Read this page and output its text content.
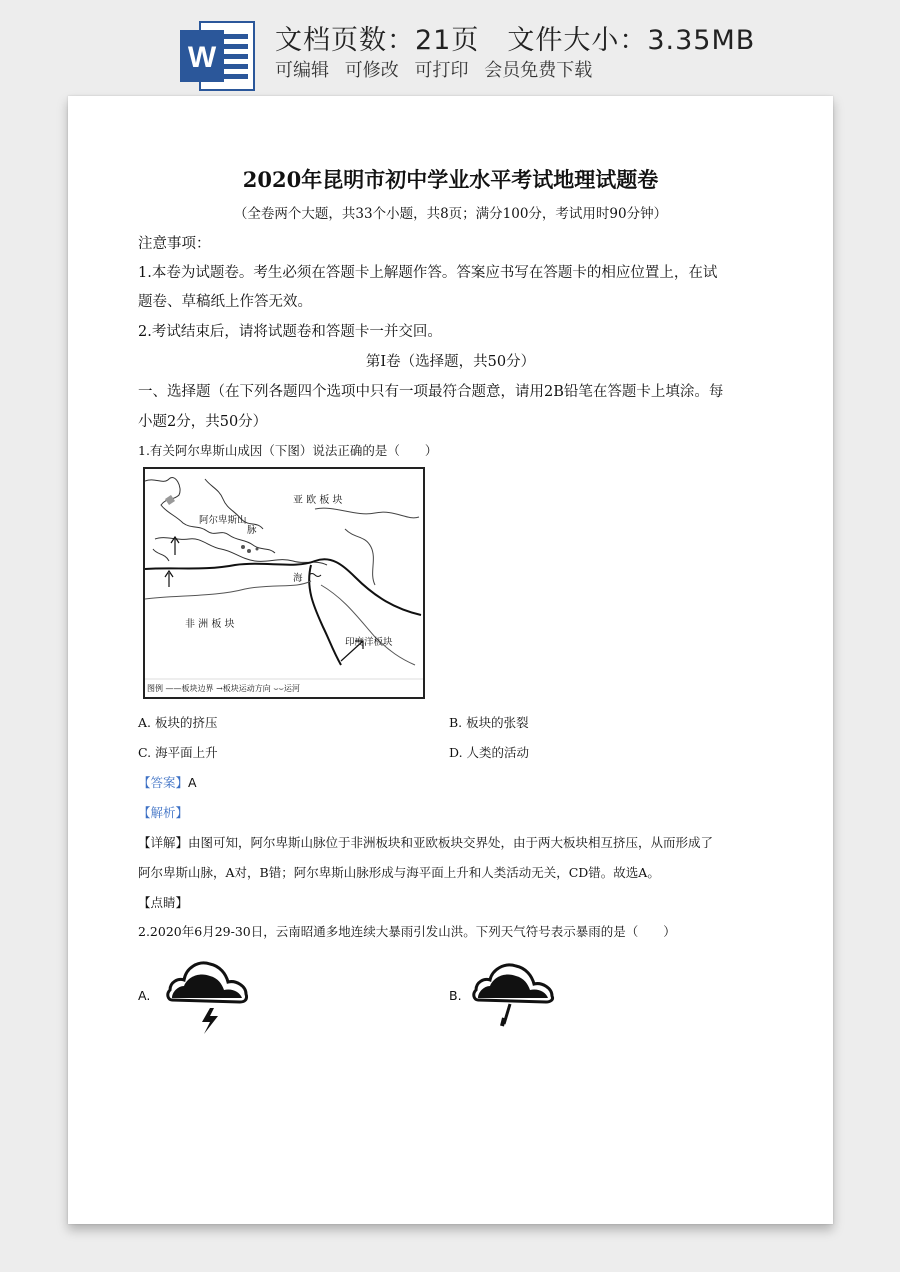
W
文档页数：21页 文件大小：3.35MB
可编辑 可修改 可打印 会员免费下载
2020年昆明市初中学业水平考试地理试题卷
（全卷两个大题，共33个小题，共8页；满分100分，考试用时90分钟）
注意事项：
1.本卷为试题卷。考生必须在答题卡上解题作答。答案应书写在答题卡的相应位置上，在试
题卷、草稿纸上作答无效。
2.考试结束后，请将试题卷和答题卡一并交回。
第Ⅰ卷（选择题，共50分）
一、选择题（在下列各题四个选项中只有一项最符合题意，请用2B铅笔在答题卡上填涂。每
小题2分，共50分）
1.有关阿尔卑斯山成因（下图）说法正确的是（　　）
亚 欧 板 块
阿尔卑斯山
脉
海
非 洲 板 块
印度洋板块
图例 ——板块边界 →板块运动方向 ⌣⌣运河
A. 板块的挤压	B. 板块的张裂
C. 海平面上升	D. 人类的活动
【答案】A
【解析】
【详解】由图可知，阿尔卑斯山脉位于非洲板块和亚欧板块交界处，由于两大板块相互挤压，从而形成了
阿尔卑斯山脉，A对，B错；阿尔卑斯山脉形成与海平面上升和人类活动无关，CD错。故选A。
【点睛】
2.2020年6月29-30日，云南昭通多地连续大暴雨引发山洪。下列天气符号表示暴雨的是（　　）
A.	B.
